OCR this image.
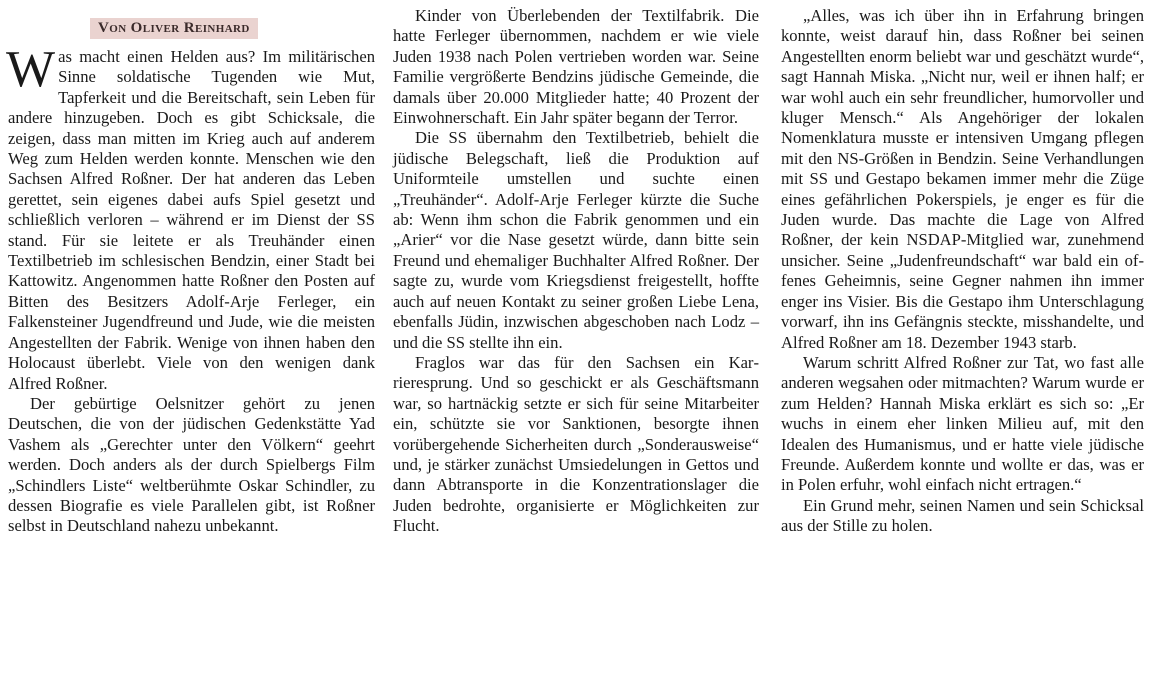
Von Oliver Reinhard

Was macht einen Helden aus? Im militärischen Sinne soldatische Tugenden wie Mut, Tapferkeit und die Bereitschaft, sein Leben für andere hinzugeben. Doch es gibt Schicksale, die zeigen, dass man mitten im Krieg auch auf anderem Weg zum Helden werden konnte. Menschen wie den Sachsen Alfred Roßner. Der hat anderen das Leben gerettet, sein eigenes dabei aufs Spiel gesetzt und schließlich verloren – während er im Dienst der SS stand. Für sie leitete er als Treuhänder einen Textilbetrieb im schlesischen Bendzin, einer Stadt bei Kattowitz. Angenommen hatte Roßner den Posten auf Bitten des Besitzers Adolf-Arje Ferleger, ein Falkensteiner Jugendfreund und Jude, wie die meisten Angestellten der Fabrik. Wenige von ihnen haben den Holocaust überlebt. Viele von den wenigen dank Alfred Roßner.

Der gebürtige Oelsnitzer gehört zu jenen Deutschen, die von der jüdischen Gedenkstätte Yad Vashem als „Gerechter unter den Völkern“ geehrt werden. Doch anders als der durch Spielbergs Film „Schindlers Liste“ weltberühmte Oskar Schindler, zu dessen Biografie es viele Parallelen gibt, ist Roßner selbst in Deutschland nahezu unbekannt.

Kinder von Überlebenden der Textilfabrik. Die hatte Ferleger übernommen, nachdem er wie viele Juden 1938 nach Polen vertrieben worden war. Seine Familie vergrößerte Bendzins jüdische Gemeinde, die damals über 20.000 Mitglieder hatte; 40 Prozent der Einwohnerschaft. Ein Jahr später begann der Terror.

Die SS übernahm den Textilbetrieb, behielt die jüdische Belegschaft, ließ die Produktion auf Uniformteile umstellen und suchte einen „Treuhänder“. Adolf-Arje Ferleger kürzte die Suche ab: Wenn ihm schon die Fabrik genommen und ein „Arier“ vor die Nase gesetzt würde, dann bitte sein Freund und ehemaliger Buchhalter Alfred Roßner. Der sagte zu, wurde vom Kriegsdienst freigestellt, hoffte auch auf neuen Kontakt zu seiner großen Liebe Lena, ebenfalls Jüdin, inzwischen abgeschoben nach Lodz – und die SS stellte ihn ein.

Fraglos war das für den Sachsen ein Karrieresprung. Und so geschickt er als Geschäftsmann war, so hartnäckig setzte er sich für seine Mitarbeiter ein, schützte sie vor Sanktionen, besorgte ihnen vorübergehende Sicherheiten durch „Sonderausweise“ und, je stärker zunächst Umsiedelungen in Gettos und dann Abtransporte in die Konzentrationslager die Juden bedrohte, organisierte er Möglichkeiten zur Flucht.

„Alles, was ich über ihn in Erfahrung bringen konnte, weist darauf hin, dass Roßner bei seinen Angestellten enorm beliebt war und geschätzt wurde“, sagt Hannah Miska. „Nicht nur, weil er ihnen half; er war wohl auch ein sehr freundlicher, humorvoller und kluger Mensch.“ Als Angehöriger der lokalen Nomenklatura musste er intensiven Umgang pflegen mit den NS-Größen in Bendzin. Seine Verhandlungen mit SS und Gestapo bekamen immer mehr die Züge eines gefährlichen Pokerspiels, je enger es für die Juden wurde. Das machte die Lage von Alfred Roßner, der kein NSDAP-Mitglied war, zunehmend unsicher. Seine „Judenfreundschaft“ war bald ein offenes Geheimnis, seine Gegner nahmen ihn immer enger ins Visier. Bis die Gestapo ihm Unterschlagung vorwarf, ihn ins Gefängnis steckte, misshandelte, und Alfred Roßner am 18. Dezember 1943 starb.

Warum schritt Alfred Roßner zur Tat, wo fast alle anderen wegsahen oder mitmachten? Warum wurde er zum Helden? Hannah Miska erklärt es sich so: „Er wuchs in einem eher linken Milieu auf, mit den Idealen des Humanismus, und er hatte viele jüdische Freunde. Außerdem konnte und wollte er das, was er in Polen erfuhr, wohl einfach nicht ertragen.“

Ein Grund mehr, seinen Namen und sein Schicksal aus der Stille zu holen.
